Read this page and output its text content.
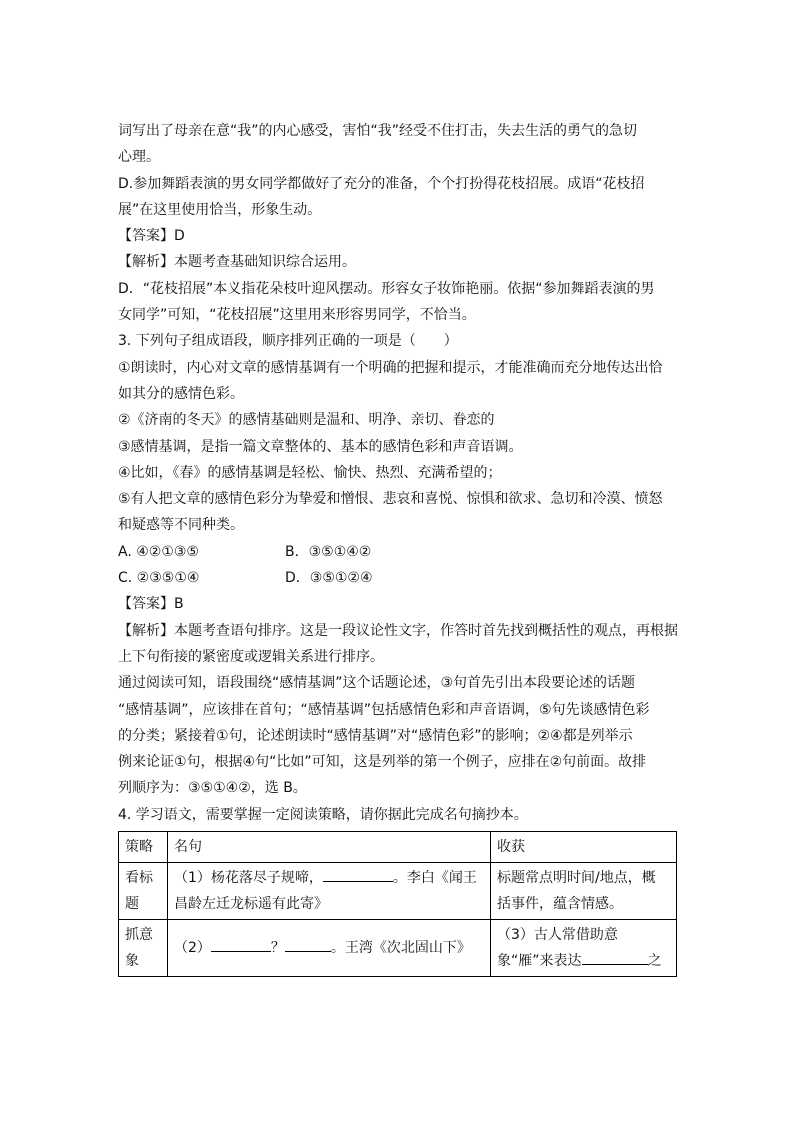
词写出了母亲在意“我”的内心感受，害怕“我”经受不住打击，失去生活的勇气的急切

心理。

D.参加舞蹈表演的男女同学都做好了充分的准备，个个打扮得花枝招展。成语“花枝招

展”在这里使用恰当，形象生动。

【答案】D

【解析】本题考查基础知识综合运用。

D．“花枝招展”本义指花朵枝叶迎风摆动。形容女子妆饰艳丽。依据“参加舞蹈表演的男

女同学”可知，“花枝招展”这里用来形容男同学，不恰当。

3. 下列句子组成语段，顺序排列正确的一项是（　　）

①朗读时，内心对文章的感情基调有一个明确的把握和提示，才能准确而充分地传达出恰

如其分的感情色彩。

②《济南的冬天》的感情基础则是温和、明净、亲切、眷恋的

③感情基调，是指一篇文章整体的、基本的感情色彩和声音语调。

④比如，《春》的感情基调是轻松、愉快、热烈、充满希望的；

⑤有人把文章的感情色彩分为挚爱和憎恨、悲哀和喜悦、惊惧和欲求、急切和冷漠、愤怒

和疑惑等不同种类。

A. ④②①③⑤	B．③⑤①④②
C. ②③⑤①④	D．③⑤①②④

【答案】B

【解析】本题考查语句排序。这是一段议论性文字，作答时首先找到概括性的观点，再根据

上下句衔接的紧密度或逻辑关系进行排序。

通过阅读可知，语段围绕“感情基调”这个话题论述，③句首先引出本段要论述的话题

“感情基调”，应该排在首句；“感情基调”包括感情色彩和声音语调，⑤句先谈感情色彩

的分类；紧接着①句，论述朗读时“感情基调”对“感情色彩”的影响；②④都是列举示

例来论证①句，根据④句“比如”可知，这是列举的第一个例子，应排在②句前面。故排

列顺序为：③⑤①④②，选 B。

4. 学习语文，需要掌握一定阅读策略，请你据此完成名句摘抄本。

策略	名句	收获
看标题	（1）杨花落尽子规啼， 。李白《闻王昌龄左迁龙标遥有此寄》	标题常点明时间/地点，概括事件，蕴含情感。
抓意象	（2） ？ 。王湾《次北固山下》	（3）古人常借助意象“雁”来表达 之
